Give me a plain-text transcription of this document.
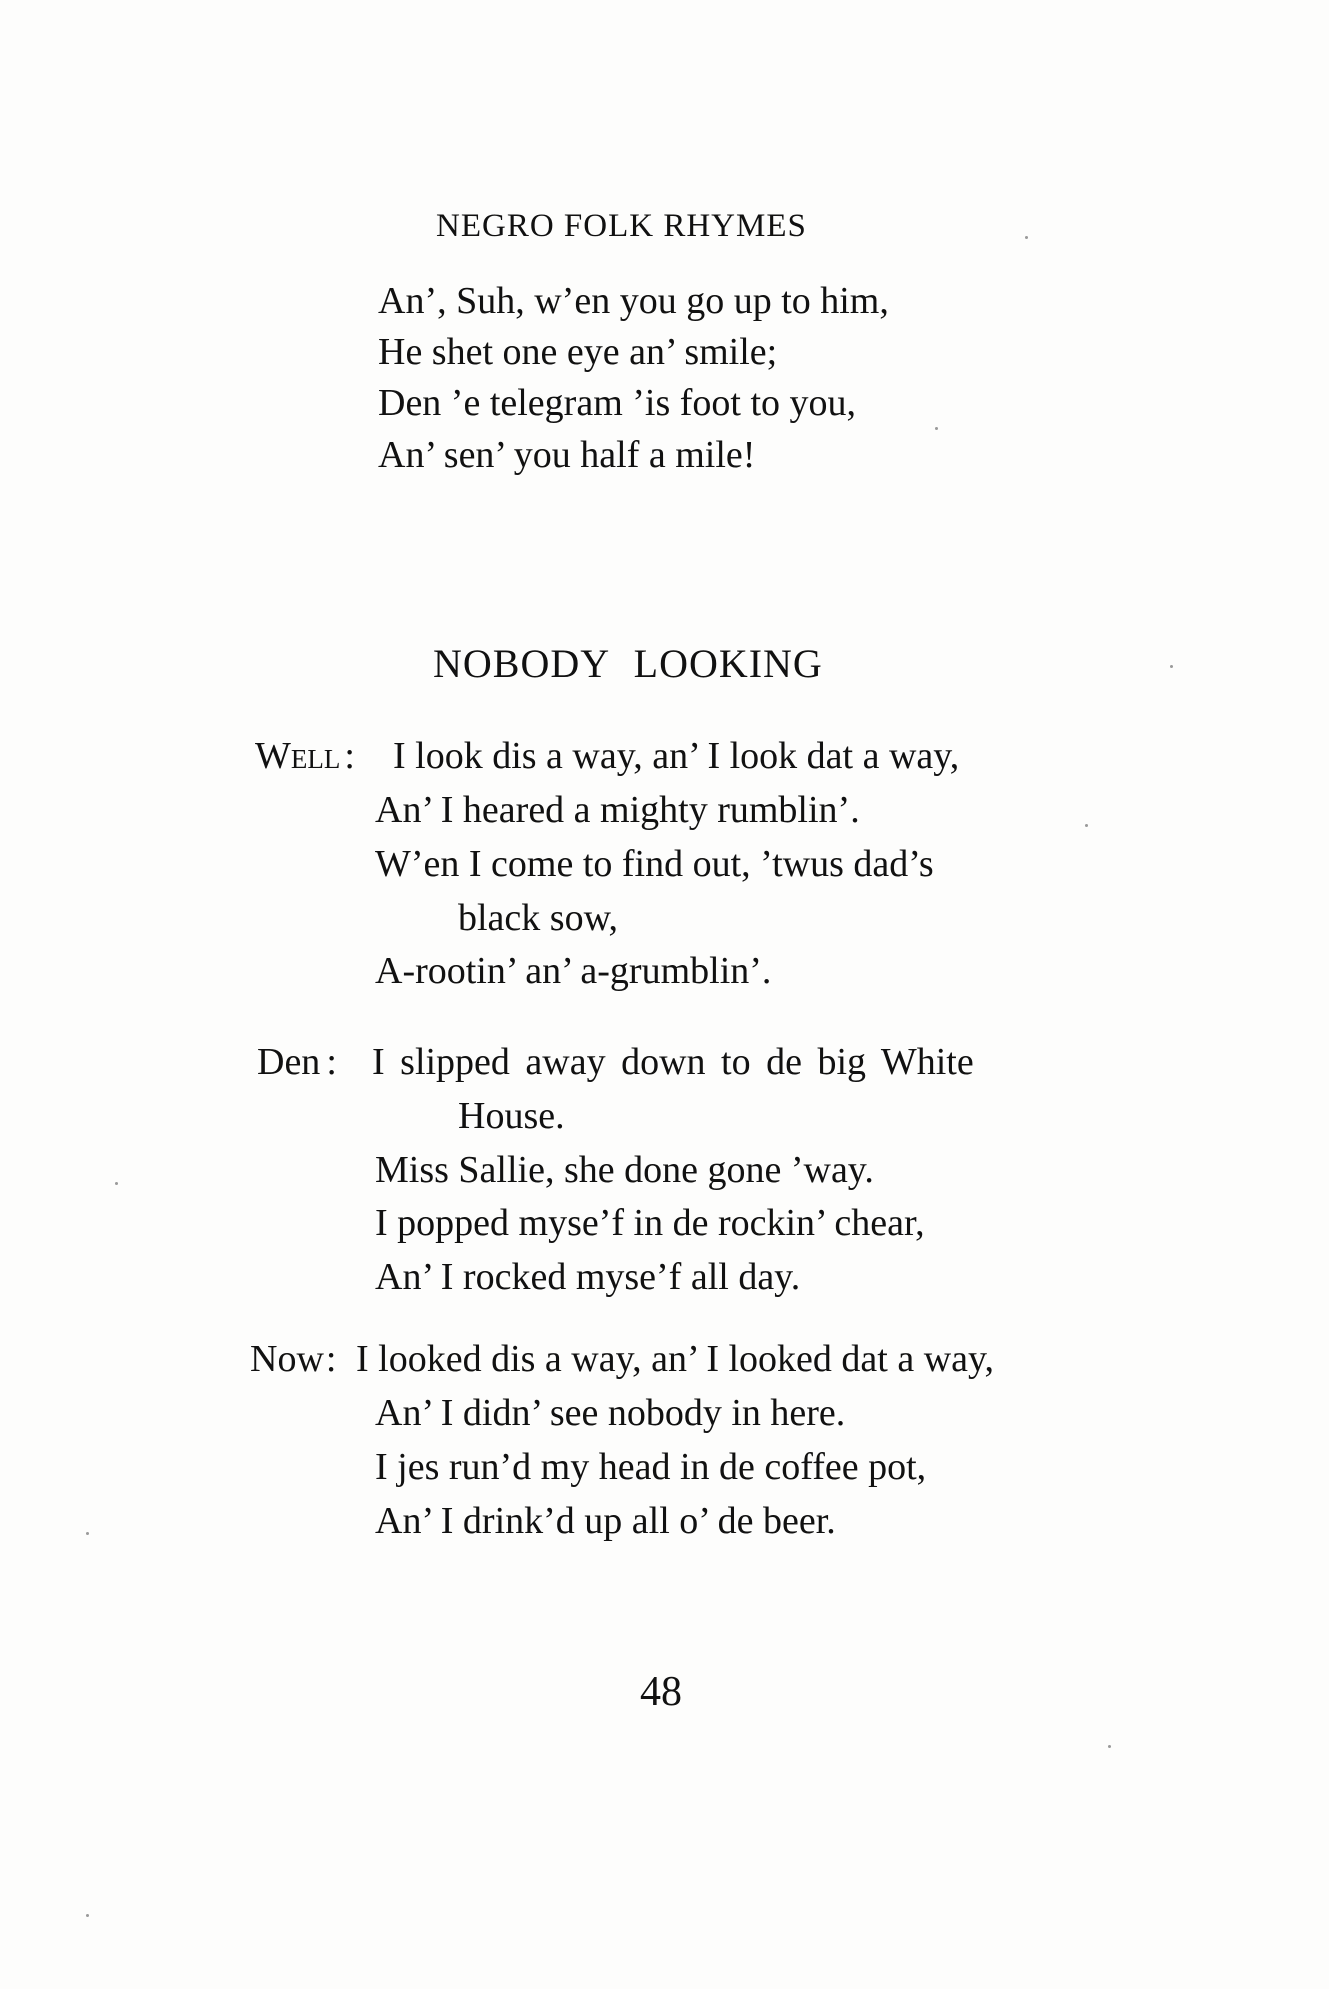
NEGRO FOLK RHYMES
An’, Suh, w’en you go up to him,
He shet one eye an’ smile;
Den ’e telegram ’is foot to you,
An’ sen’ you half a mile!
NOBODY LOOKING
Well : I look dis a way, an’ I look dat a way,
An’ I heared a mighty rumblin’.
W’en I come to find out, ’twus dad’s
black sow,
A-rootin’ an’ a-grumblin’.
Den : I slipped away down to de big White
House.
Miss Sallie, she done gone ’way.
I popped myse’f in de rockin’ chear,
An’ I rocked myse’f all day.
Now: I looked dis a way, an’ I looked dat a way,
An’ I didn’ see nobody in here.
I jes run’d my head in de coffee pot,
An’ I drink’d up all o’ de beer.
48
